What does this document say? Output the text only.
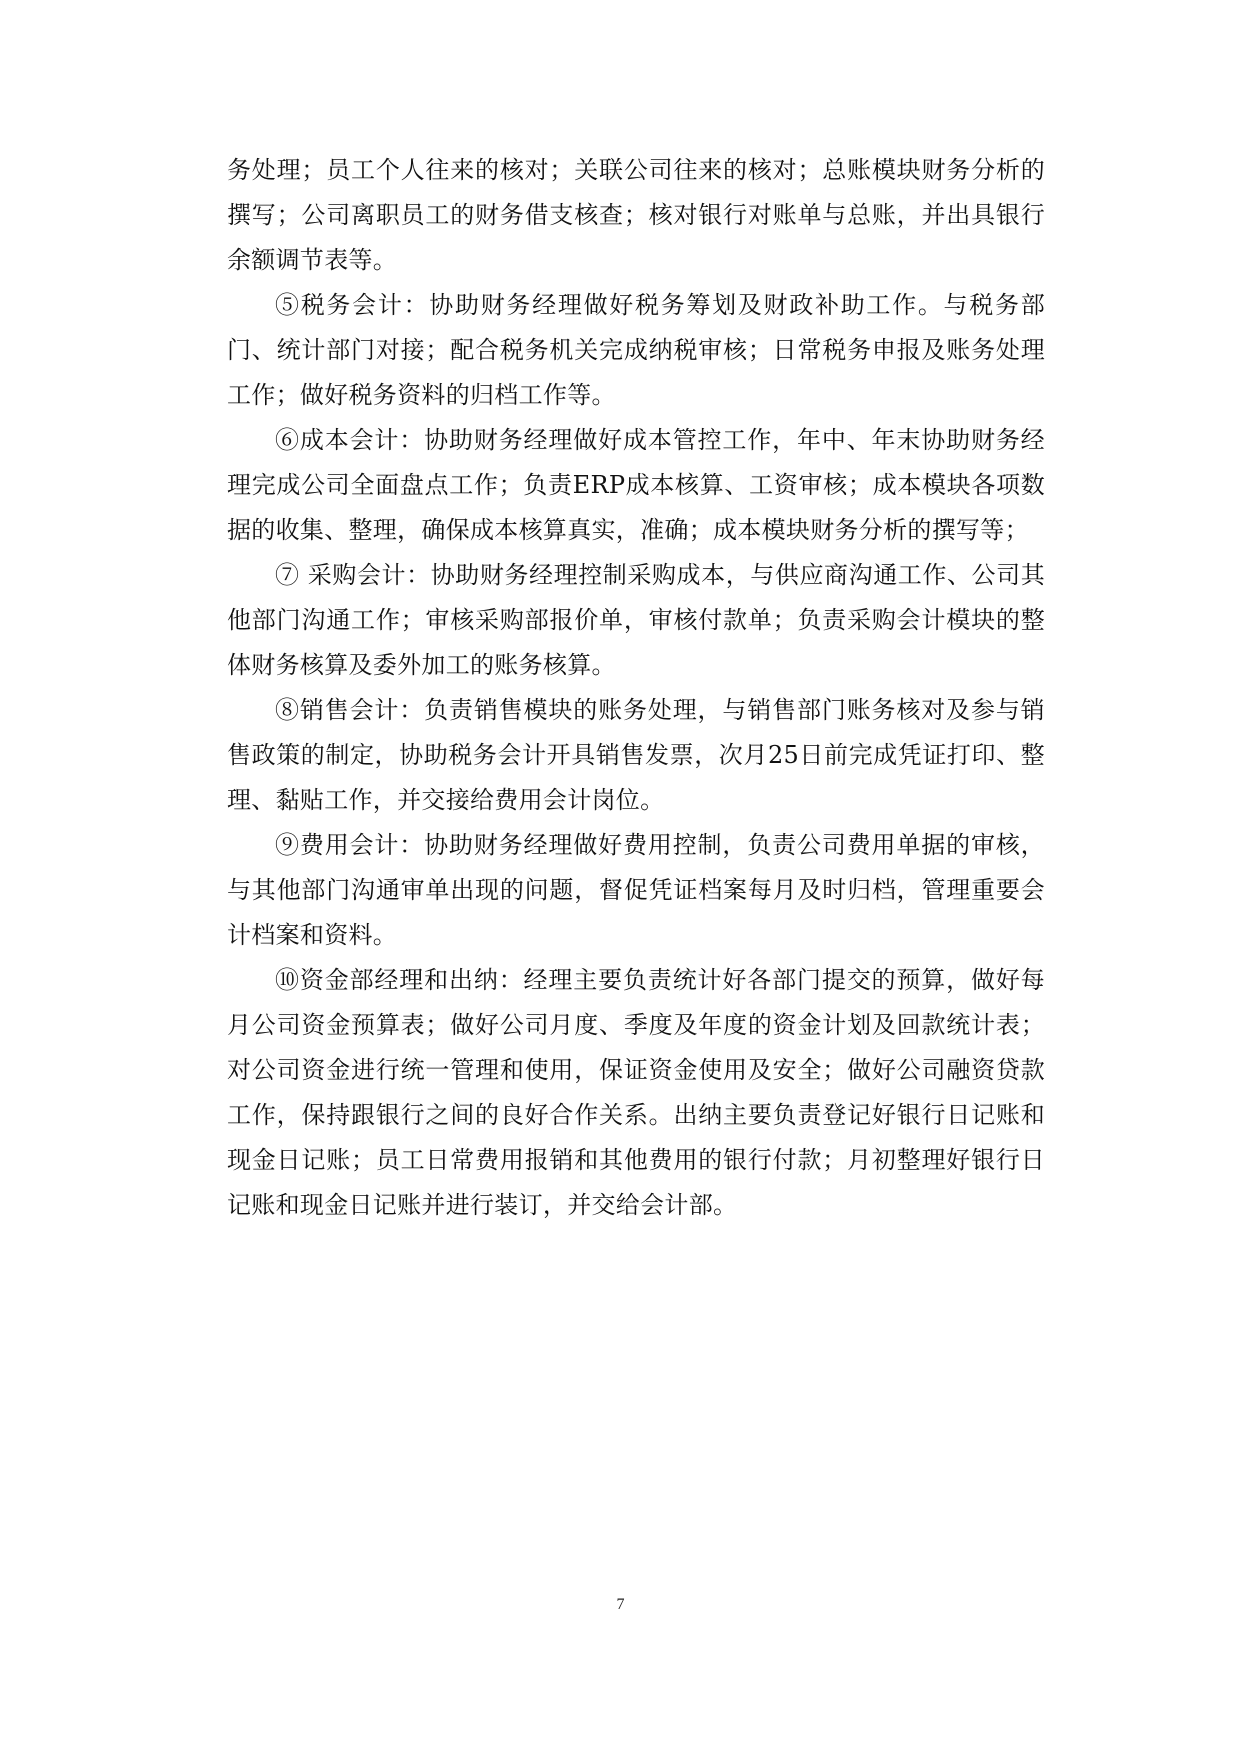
务处理；员工个人往来的核对；关联公司往来的核对；总账模块财务分析的撰写；公司离职员工的财务借支核查；核对银行对账单与总账，并出具银行余额调节表等。

⑤税务会计：协助财务经理做好税务筹划及财政补助工作。与税务部门、统计部门对接；配合税务机关完成纳税审核；日常税务申报及账务处理工作；做好税务资料的归档工作等。

⑥成本会计：协助财务经理做好成本管控工作，年中、年末协助财务经理完成公司全面盘点工作；负责ERP成本核算、工资审核；成本模块各项数据的收集、整理，确保成本核算真实，准确；成本模块财务分析的撰写等；

⑦ 采购会计：协助财务经理控制采购成本，与供应商沟通工作、公司其他部门沟通工作；审核采购部报价单，审核付款单；负责采购会计模块的整体财务核算及委外加工的账务核算。

⑧销售会计：负责销售模块的账务处理，与销售部门账务核对及参与销售政策的制定，协助税务会计开具销售发票，次月25日前完成凭证打印、整理、黏贴工作，并交接给费用会计岗位。

⑨费用会计：协助财务经理做好费用控制，负责公司费用单据的审核，与其他部门沟通审单出现的问题，督促凭证档案每月及时归档，管理重要会计档案和资料。

⑩资金部经理和出纳：经理主要负责统计好各部门提交的预算，做好每月公司资金预算表；做好公司月度、季度及年度的资金计划及回款统计表；对公司资金进行统一管理和使用，保证资金使用及安全；做好公司融资贷款工作，保持跟银行之间的良好合作关系。出纳主要负责登记好银行日记账和现金日记账；员工日常费用报销和其他费用的银行付款；月初整理好银行日记账和现金日记账并进行装订，并交给会计部。

7
